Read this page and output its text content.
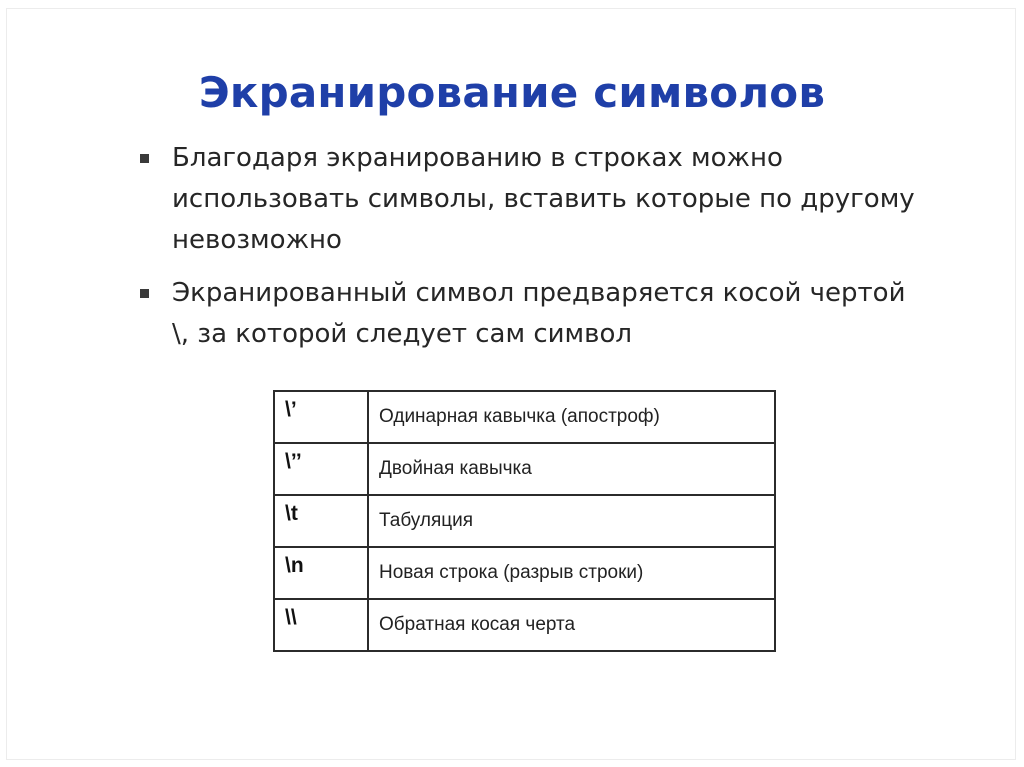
Экранирование символов
Благодаря экранированию в строках можно использовать символы, вставить которые по другому невозможно
Экранированный символ предваряется косой чертой \, за которой следует сам символ
\’	Одинарная кавычка (апостроф)
\’’	Двойная кавычка
\t	Табуляция
\n	Новая строка (разрыв строки)
\\	Обратная косая черта
